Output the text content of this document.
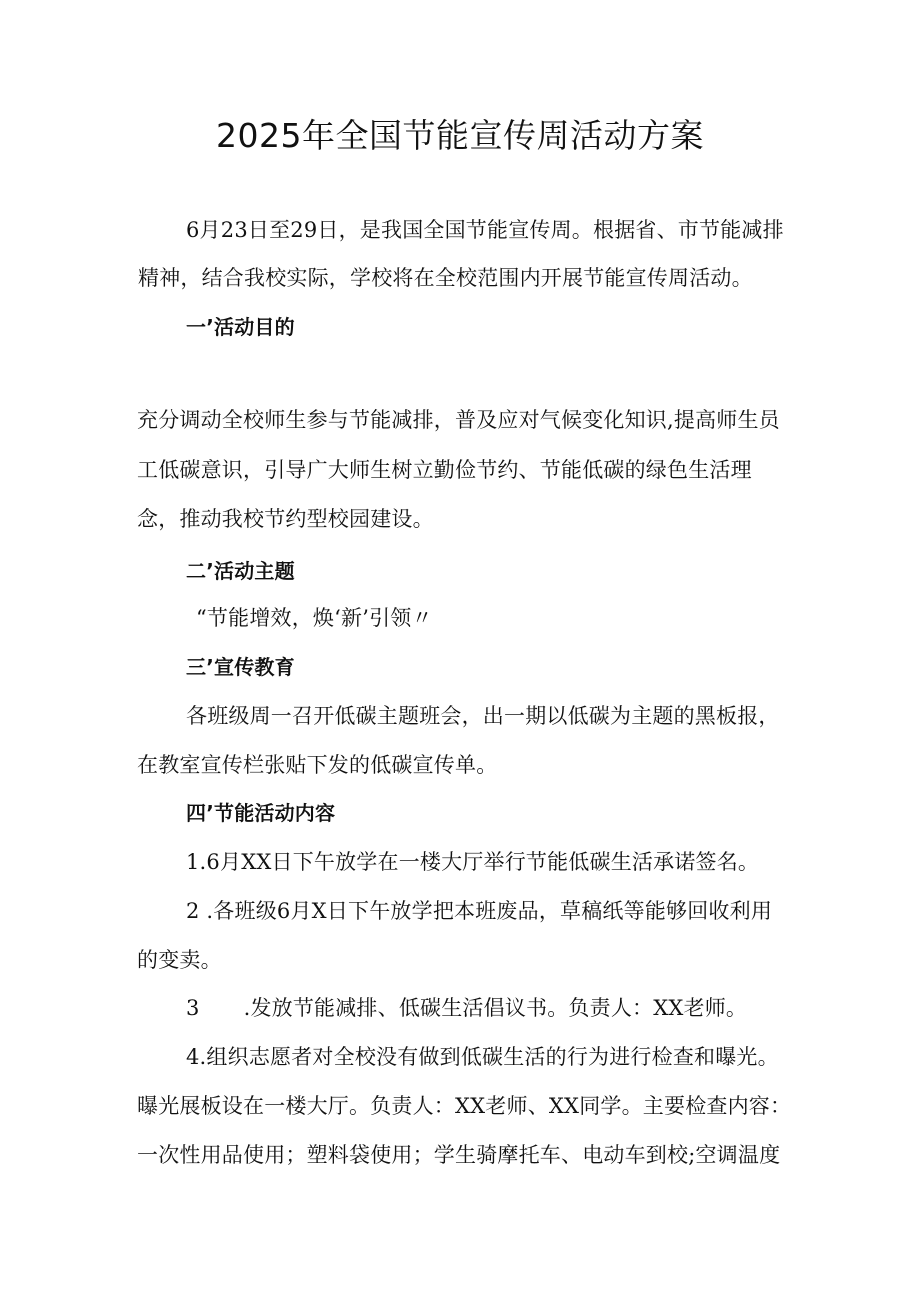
2025年全国节能宣传周活动方案
6月23日至29日，是我国全国节能宣传周。根据省、市节能减排
精神，结合我校实际，学校将在全校范围内开展节能宣传周活动。
一’活动目的
充分调动全校师生参与节能减排，普及应对气候变化知识,提高师生员
工低碳意识，引导广大师生树立勤俭节约、节能低碳的绿色生活理
念，推动我校节约型校园建设。
二’活动主题
“节能增效，焕‘新’引领〃
三’宣传教育
各班级周一召开低碳主题班会，出一期以低碳为主题的黑板报，
在教室宣传栏张贴下发的低碳宣传单。
四’节能活动内容
1.6月XX日下午放学在一楼大厅举行节能低碳生活承诺签名。
2 .各班级6月X日下午放学把本班废品，草稿纸等能够回收利用
的变卖。
3 .发放节能减排、低碳生活倡议书。负责人：XX老师。
4.组织志愿者对全校没有做到低碳生活的行为进行检查和曝光。
曝光展板设在一楼大厅。负责人：XX老师、XX同学。主要检查内容：
一次性用品使用；塑料袋使用；学生骑摩托车、电动车到校;空调温度
